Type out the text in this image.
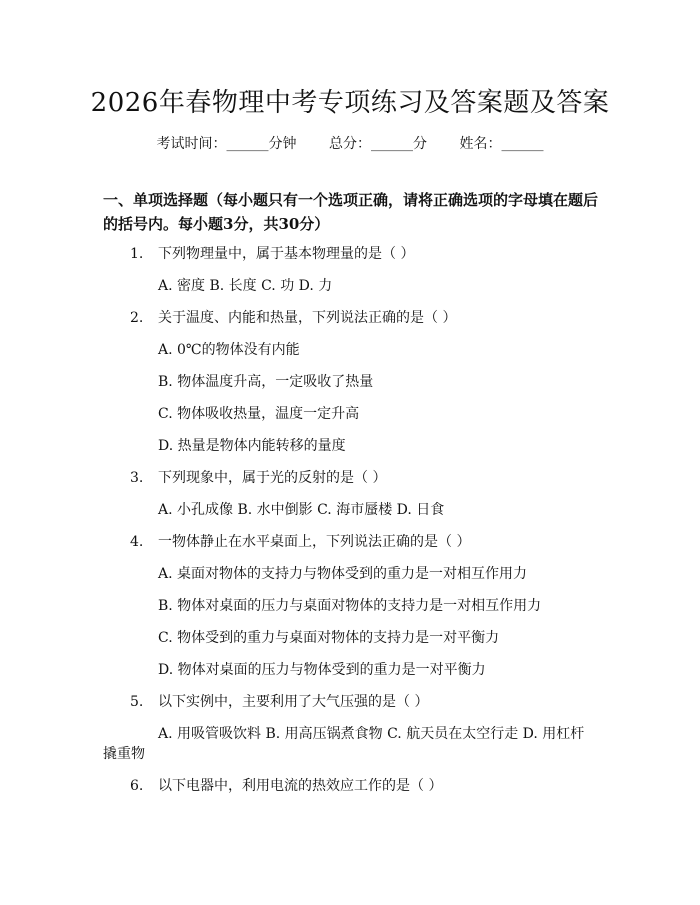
2026年春物理中考专项练习及答案题及答案
考试时间：______分钟 总分：______分 姓名：______
一、单项选择题（每小题只有一个选项正确，请将正确选项的字母填在题后的括号内。每小题3分，共30分）
1. 下列物理量中，属于基本物理量的是（ ）
A. 密度 B. 长度 C. 功 D. 力
2. 关于温度、内能和热量，下列说法正确的是（ ）
A. 0℃的物体没有内能
B. 物体温度升高，一定吸收了热量
C. 物体吸收热量，温度一定升高
D. 热量是物体内能转移的量度
3. 下列现象中，属于光的反射的是（ ）
A. 小孔成像 B. 水中倒影 C. 海市蜃楼 D. 日食
4. 一物体静止在水平桌面上，下列说法正确的是（ ）
A. 桌面对物体的支持力与物体受到的重力是一对相互作用力
B. 物体对桌面的压力与桌面对物体的支持力是一对相互作用力
C. 物体受到的重力与桌面对物体的支持力是一对平衡力
D. 物体对桌面的压力与物体受到的重力是一对平衡力
5. 以下实例中，主要利用了大气压强的是（ ）
A. 用吸管吸饮料 B. 用高压锅煮食物 C. 航天员在太空行走 D. 用杠杆
撬重物
6. 以下电器中，利用电流的热效应工作的是（ ）
